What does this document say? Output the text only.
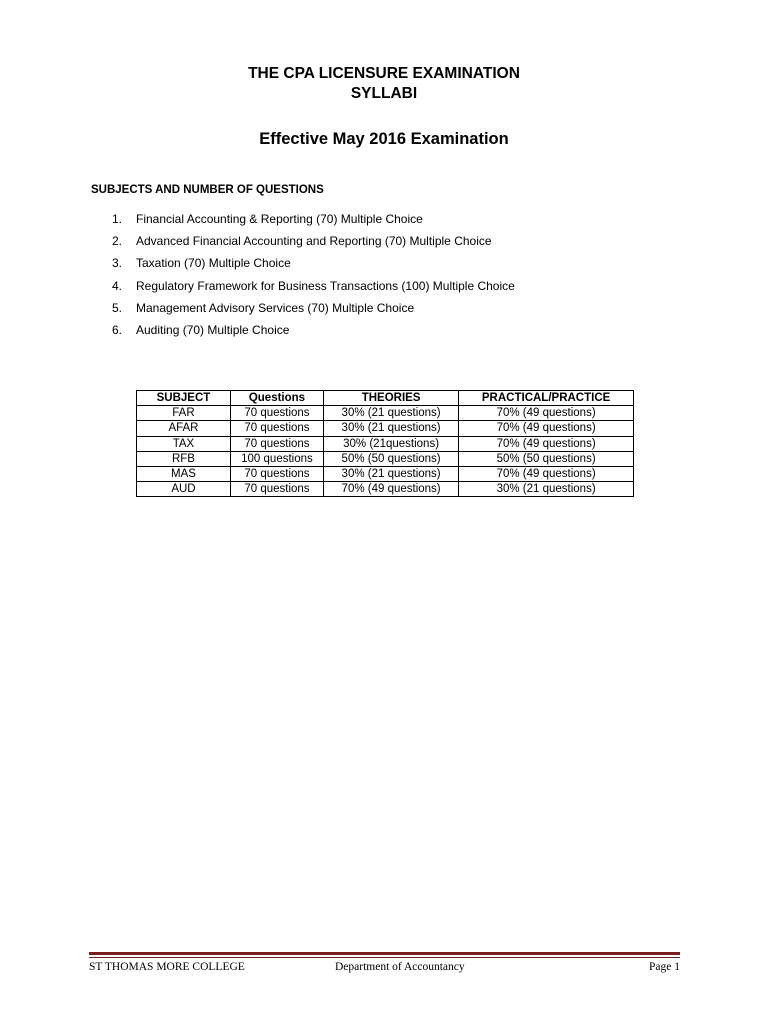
THE CPA LICENSURE EXAMINATION
SYLLABI
Effective May 2016 Examination
SUBJECTS AND NUMBER OF QUESTIONS
1.	Financial Accounting & Reporting (70) Multiple Choice
2.	Advanced Financial Accounting and Reporting (70) Multiple Choice
3.	Taxation (70) Multiple Choice
4.	Regulatory Framework for Business Transactions (100) Multiple Choice
5.	Management Advisory Services (70) Multiple Choice
6.	Auditing (70) Multiple Choice
SUBJECT	Questions	THEORIES	PRACTICAL/PRACTICE
FAR	70 questions	30% (21 questions)	70% (49 questions)
AFAR	70 questions	30% (21 questions)	70% (49 questions)
TAX	70 questions	30% (21questions)	70% (49 questions)
RFB	100 questions	50% (50 questions)	50% (50 questions)
MAS	70 questions	30% (21 questions)	70% (49 questions)
AUD	70 questions	70% (49 questions)	30% (21 questions)
ST THOMAS MORE COLLEGE	Department of Accountancy	Page 1
